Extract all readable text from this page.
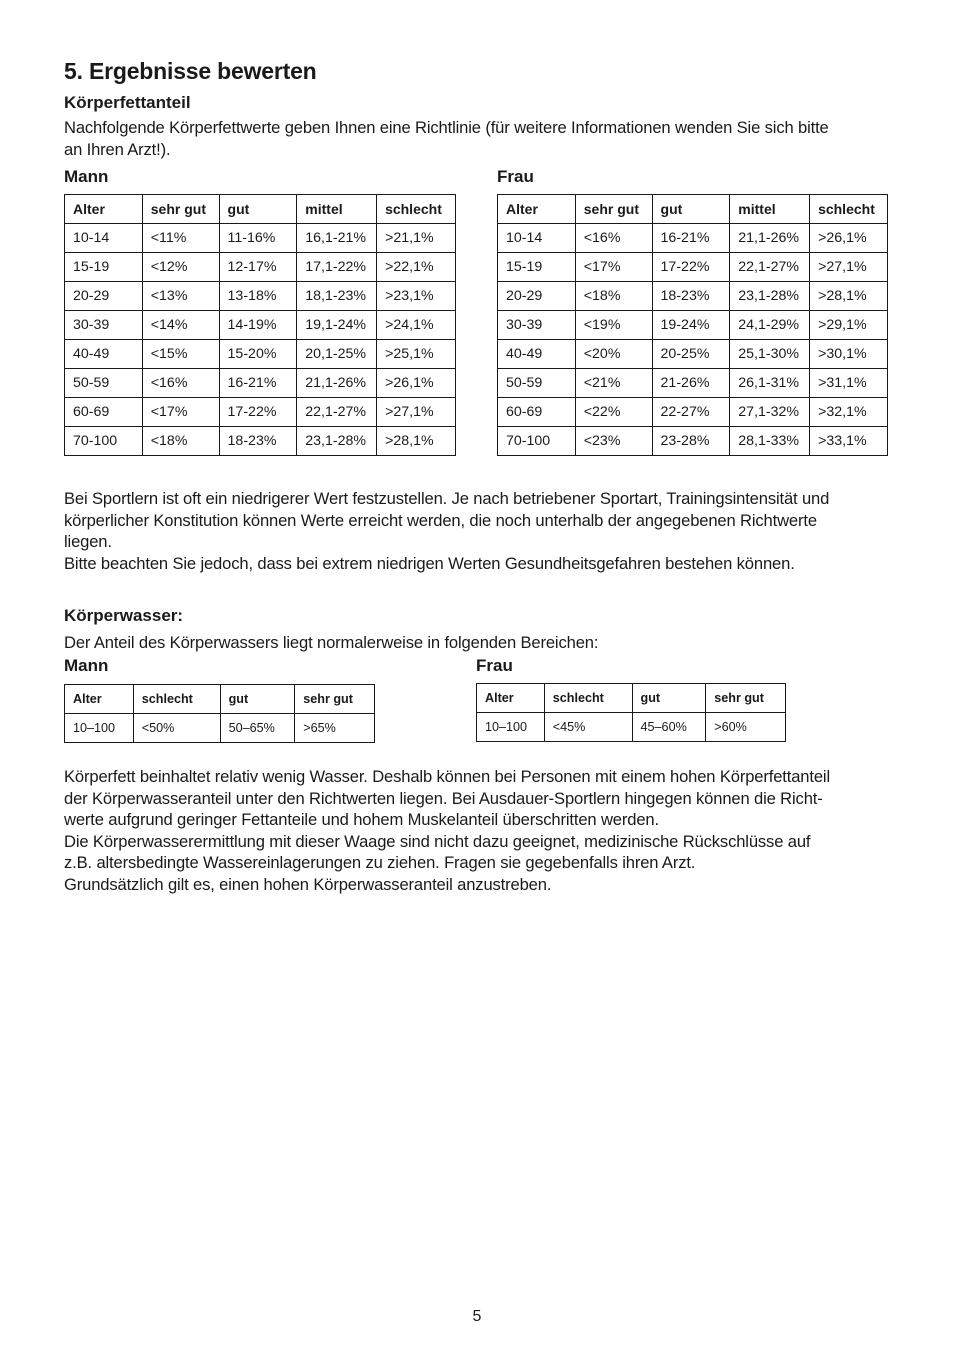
5. Ergebnisse bewerten
Körperfettanteil
Nachfolgende Körperfettwerte geben Ihnen eine Richtlinie (für weitere Informationen wenden Sie sich bitte
an Ihren Arzt!).
Mann	Frau
Alter	sehr gut	gut	mittel	schlecht
10-14	<11%	11-16%	16,1-21%	>21,1%
15-19	<12%	12-17%	17,1-22%	>22,1%
20-29	<13%	13-18%	18,1-23%	>23,1%
30-39	<14%	14-19%	19,1-24%	>24,1%
40-49	<15%	15-20%	20,1-25%	>25,1%
50-59	<16%	16-21%	21,1-26%	>26,1%
60-69	<17%	17-22%	22,1-27%	>27,1%
70-100	<18%	18-23%	23,1-28%	>28,1%
Alter	sehr gut	gut	mittel	schlecht
10-14	<16%	16-21%	21,1-26%	>26,1%
15-19	<17%	17-22%	22,1-27%	>27,1%
20-29	<18%	18-23%	23,1-28%	>28,1%
30-39	<19%	19-24%	24,1-29%	>29,1%
40-49	<20%	20-25%	25,1-30%	>30,1%
50-59	<21%	21-26%	26,1-31%	>31,1%
60-69	<22%	22-27%	27,1-32%	>32,1%
70-100	<23%	23-28%	28,1-33%	>33,1%
Bei Sportlern ist oft ein niedrigerer Wert festzustellen. Je nach betriebener Sportart, Trainingsintensität und
körperlicher Konstitution können Werte erreicht werden, die noch unterhalb der angegebenen Richtwerte
liegen.
Bitte beachten Sie jedoch, dass bei extrem niedrigen Werten Gesundheitsgefahren bestehen können.
Körperwasser:
Der Anteil des Körperwassers liegt normalerweise in folgenden Bereichen:
Mann	Frau
Alter	schlecht	gut	sehr gut
10–100	<50%	50–65%	>65%
Alter	schlecht	gut	sehr gut
10–100	<45%	45–60%	>60%
Körperfett beinhaltet relativ wenig Wasser. Deshalb können bei Personen mit einem hohen Körperfettanteil
der Körperwasseranteil unter den Richtwerten liegen. Bei Ausdauer-Sportlern hingegen können die Richt-
werte aufgrund geringer Fettanteile und hohem Muskelanteil überschritten werden.
Die Körperwasserermittlung mit dieser Waage sind nicht dazu geeignet, medizinische Rückschlüsse auf
z.B. altersbedingte Wassereinlagerungen zu ziehen. Fragen sie gegebenfalls ihren Arzt.
Grundsätzlich gilt es, einen hohen Körperwasseranteil anzustreben.
5
